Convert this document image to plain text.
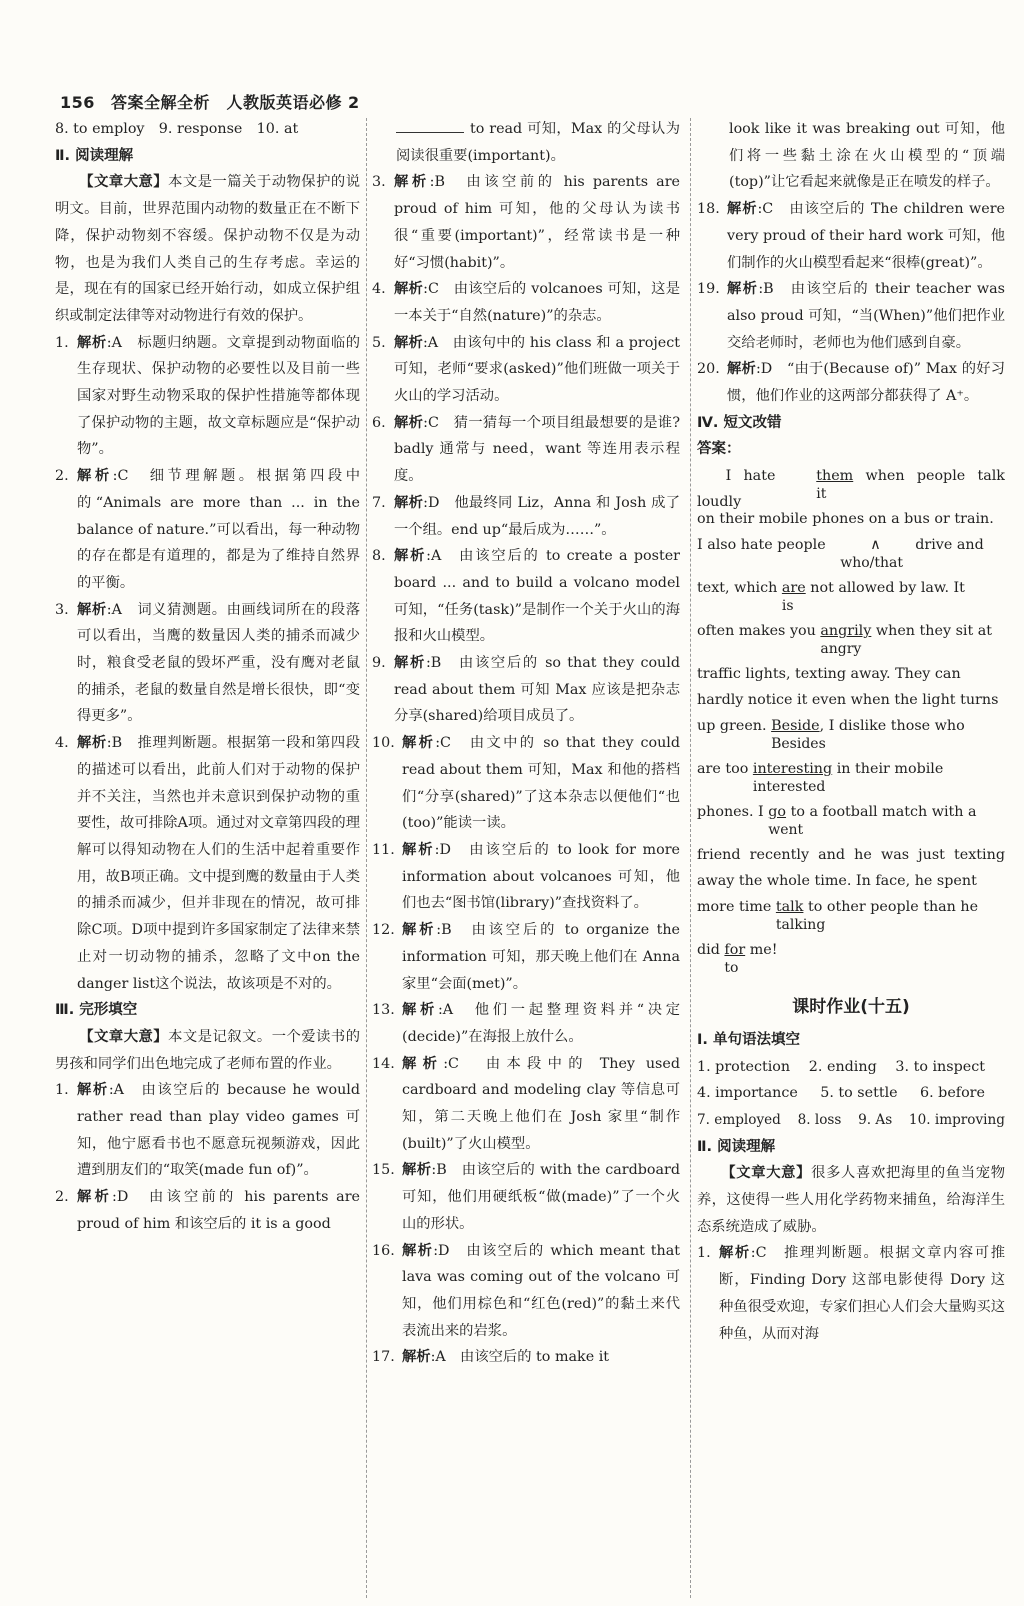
156 答案全解全析　人教版英语必修 2

8. to employ　9. response　10. at

Ⅱ. 阅读理解

【文章大意】本文是一篇关于动物保护的说明文。目前，世界范围内动物的数量正在不断下降，保护动物刻不容缓。保护动物不仅是为动物，也是为我们人类自己的生存考虑。幸运的是，现在有的国家已经开始行动，如成立保护组织或制定法律等对动物进行有效的保护。

1. 解析:A　标题归纳题。文章提到动物面临的生存现状、保护动物的必要性以及目前一些国家对野生动物采取的保护性措施等都体现了保护动物的主题，故文章标题应是“保护动物”。
2. 解析:C　细节理解题。根据第四段中的“Animals are more than ... in the balance of nature.”可以看出，每一种动物的存在都是有道理的，都是为了维持自然界的平衡。
3. 解析:A　词义猜测题。由画线词所在的段落可以看出，当鹰的数量因人类的捕杀而减少时，粮食受老鼠的毁坏严重，没有鹰对老鼠的捕杀，老鼠的数量自然是增长很快，即“变得更多”。
4. 解析:B　推理判断题。根据第一段和第四段的描述可以看出，此前人们对于动物的保护并不关注，当然也并未意识到保护动物的重要性，故可排除A项。通过对文章第四段的理解可以得知动物在人们的生活中起着重要作用，故B项正确。文中提到鹰的数量由于人类的捕杀而减少，但并非现在的情况，故可排除C项。D项中提到许多国家制定了法律来禁止对一切动物的捕杀，忽略了文中on the danger list这个说法，故该项是不对的。

Ⅲ. 完形填空

【文章大意】本文是记叙文。一个爱读书的男孩和同学们出色地完成了老师布置的作业。

1. 解析:A　由该空后的 because he would rather read than play video games 可知，他宁愿看书也不愿意玩视频游戏，因此遭到朋友们的“取笑(made fun of)”。
2. 解析:D　由该空前的 his parents are proud of him 和该空后的 it is a good

to read 可知，Max 的父母认为阅读很重要(important)。

3. 解析:B　由该空前的 his parents are proud of him 可知，他的父母认为读书很“重要(important)”，经常读书是一种好“习惯(habit)”。
4. 解析:C　由该空后的 volcanoes 可知，这是一本关于“自然(nature)”的杂志。
5. 解析:A　由该句中的 his class 和 a project 可知，老师“要求(asked)”他们班做一项关于火山的学习活动。
6. 解析:C　猜一猜每一个项目组最想要的是谁? badly 通常与 need，want 等连用表示程度。
7. 解析:D　他最终同 Liz，Anna 和 Josh 成了一个组。end up“最后成为……”。
8. 解析:A　由该空后的 to create a poster board ... and to build a volcano model 可知，“任务(task)”是制作一个关于火山的海报和火山模型。
9. 解析:B　由该空后的 so that they could read about them 可知 Max 应该是把杂志分享(shared)给项目成员了。
10. 解析:C　由文中的 so that they could read about them 可知，Max 和他的搭档们“分享(shared)”了这本杂志以便他们“也(too)”能读一读。
11. 解析:D　由该空后的 to look for more information about volcanoes 可知，他们也去“图书馆(library)”查找资料了。
12. 解析:B　由该空后的 to organize the information 可知，那天晚上他们在 Anna 家里“会面(met)”。
13. 解析:A　他们一起整理资料并“决定(decide)”在海报上放什么。
14. 解析:C　由本段中的 They used cardboard and modeling clay 等信息可知，第二天晚上他们在 Josh 家里“制作(built)”了火山模型。
15. 解析:B　由该空后的 with the cardboard 可知，他们用硬纸板“做(made)”了一个火山的形状。
16. 解析:D　由该空后的 which meant that lava was coming out of the volcano 可知，他们用棕色和“红色(red)”的黏土来代表流出来的岩浆。
17. 解析:A　由该空后的 to make it

look like it was breaking out 可知，他们将一些黏土涂在火山模型的“顶端(top)”让它看起来就像是正在喷发的样子。

18. 解析:C　由该空后的 The children were very proud of their hard work 可知，他们制作的火山模型看起来“很棒(great)”。
19. 解析:B　由该空后的 their teacher was also proud 可知，“当(When)”他们把作业交给老师时，老师也为他们感到自豪。
20. 解析:D　“由于(Because of)” Max 的好习惯，他们作业的这两部分都获得了 A⁺。

Ⅳ. 短文改错

答案：

I hate them
it
when people talk loudly

on their mobile phones on a bus or train.

I also hate people	∧
who/that
drive and

text, which are
is
not allowed by law. It

often makes you angrily
angry
when they sit at

traffic lights, texting away. They can

hardly notice it even when the light turns

up green. Beside
Besides
, I dislike those who

are too interesting
interested
in their mobile

phones. I go
went
to a football match with a

friend recently and he was just texting away the whole time. In face, he spent

more time talk
talking
to other people than he

did for
to
me!

课时作业(十五)

Ⅰ. 单句语法填空

1. protection 2. ending 3. to inspect
4. importance 5. to settle 6. before
7. employed 8. loss 9. As 10. improving

Ⅱ. 阅读理解

【文章大意】很多人喜欢把海里的鱼当宠物养，这使得一些人用化学药物来捕鱼，给海洋生态系统造成了威胁。

1. 解析:C　推理判断题。根据文章内容可推断，Finding Dory 这部电影使得 Dory 这种鱼很受欢迎，专家们担心人们会大量购买这种鱼，从而对海
